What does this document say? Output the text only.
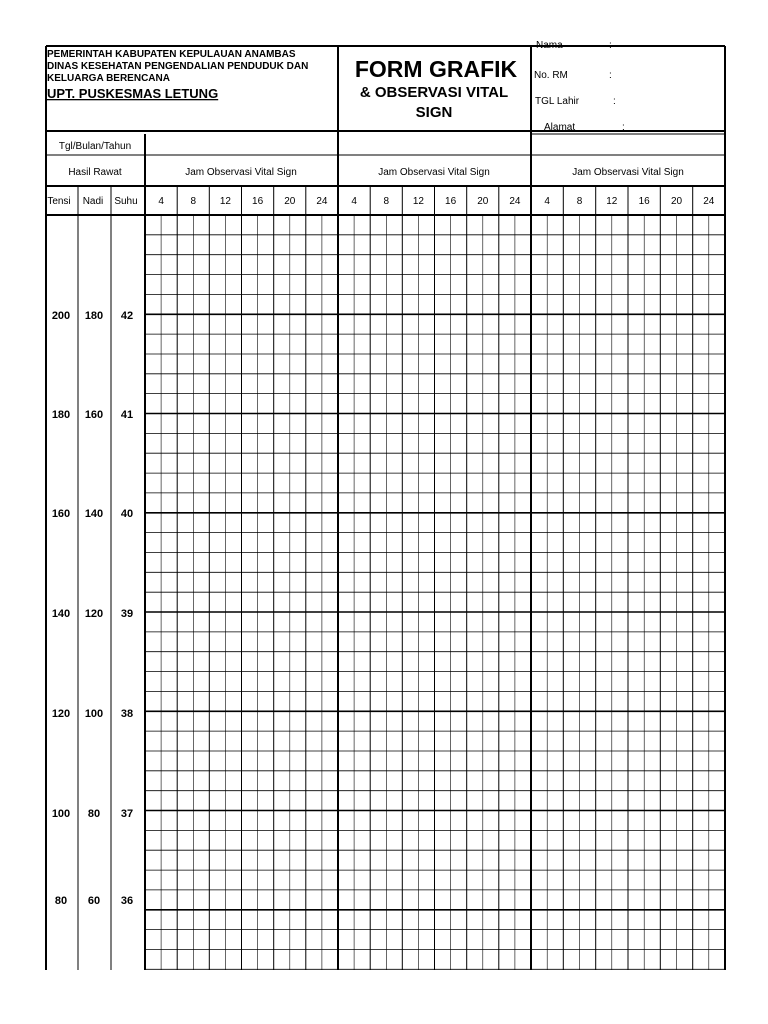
PEMERINTAH KABUPATEN KEPULAUAN ANAMBAS
DINAS KESEHATAN PENGENDALIAN PENDUDUK DAN
KELUARGA BERENCANA
UPT. PUSKESMAS LETUNG
FORM GRAFIK
& OBSERVASI VITAL
SIGN
Nama	:
No. RM	:
TGL Lahir	:
Alamat	:
Tgl/Bulan/Tahun
Hasil Rawat	Jam Observasi Vital Sign	Jam Observasi Vital Sign	Jam Observasi Vital Sign
Tensi Nadi Suhu 4	8 12 16 20 24 4	8 12 16 20 24 4	8 12 16 20 24
200 180 42
180 160 41
160 140 40
140 120 39
120 100 38
100 80 37
80 60 36
